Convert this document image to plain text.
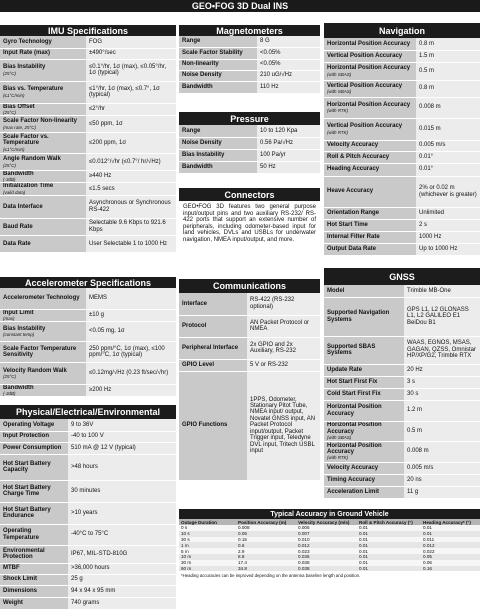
GEO•FOG 3D Dual INS
IMU Specifications
Gyro Technology	FOG
Input Rate (max)	±490°/sec
Bias Instability
(25°C)	≤0.1°/hr, 1σ (max), ≤0.05°/hr, 1σ (typical)
Bias vs. Temperature
(≤1°C/min)	≤1°/hr, 1σ (max), ≤0.7°, 1σ (typical)
Bias Offset
(25°C)	≤2°/hr
Scale Factor Non-linearity
(max rate, 25°C)	≤50 ppm, 1σ
Scale Factor vs. Temperature
(≤1°C/min)	≤200 ppm, 1σ
Angle Random Walk
(25°C)	≤0.012°/√hr (≤0.7°/ hr/√Hz)
Bandwidth
(-3dB)	≥440 Hz
Initialization Time
(valid data)	≤1.5 secs
Data Interface	Asynchronous or Synchronous RS-422
Baud Rate	Selectable 9.6 Kbps to 921.6 Kbps
Data Rate	User Selectable 1 to 1000 Hz
Accelerometer Specifications
Accelerometer Technology	MEMS
Input Limit
(max)	±10 g
Bias Instability
(constant temp)	<0.05 mg, 1σ
Scale Factor Temperature Sensitivity	250 ppm/°C, 1σ (max), ≤100 ppm/°C, 1σ (typical)
Velocity Random Walk
(25°C)	≤0.12mg/√Hz (0.23 ft/sec/√hr)
Bandwidth
(-3dB)	≥200 Hz
Physical/Electrical/Environmental
Operating Voltage	9 to 36V
Input Protection	-40 to 100 V
Power Consumption	510 mA @ 12 V (typical)
Hot Start Battery Capacity	>48 hours
Hot Start Battery Charge Time	30 minutes
Hot Start Battery Endurance	>10 years
Operating Temperature	-40°C to 75°C
Environmental Protection	IP67, MIL-STD-810G
MTBF	>36,000 hours
Shock Limit	25 g
Dimensions	94 x 94 x 95 mm
Weight	740 grams
Magnetometers
Range	8 G
Scale Factor Stability	<0.05%
Non-linearity	<0.05%
Noise Density	210 uG/√Hz
Bandwidth	110 Hz
Pressure
Range	10 to 120 Kpa
Noise Density	0.56 Pa/√Hz
Bias Instability	100 Pa/yr
Bandwidth	50 Hz
Connectors
GEO•FOG 3D features two general purpose input/output pins and two auxiliary RS-232/ RS-422 ports that support an extensive number of peripherals, including odometer-based input for land vehicles, DVLs and USBLs for underwater navigation, NMEA input/output, and more.
Communications
Interface	RS-422 (RS-232 optional)
Protocol	AN Packet Protocol or NMEA
Peripheral Interface	2x GPIO and 2x Auxiliary, RS-232
GPIO Level	5 V or RS-232
GPIO Functions	1PPS, Odometer, Stationary Pitot Tube, NMEA input/ output, Novatel GNSS input, AN Packet Protocol input/output, Packet Trigger input, Teledyne DVL input, Tritech USBL input
Navigation
Horizontal Position Accuracy	0.8 m
Vertical Position Accuracy	1.5 m
Horizontal Position Accuracy
(with SBAS)	0.5 m
Vertical Position Accuracy
(with SBAS)	0.8 m
Horizontal Position Accuracy
(with RTK)	0.008 m
Vertical Position Accuracy
(with RTK)	0.015 m
Velocity Accuracy	0.005 m/s
Roll & Pitch Accuracy	0.01°
Heading Accuracy	0.01°
Heave Accuracy	2% or 0.02 m (whichever is greater)
Orientation Range	Unlimited
Hot Start Time	2 s
Internal Filter Rate	1000 Hz
Output Data Rate	Up to 1000 Hz
GNSS
Model	Trimble MB-One
Supported Navigation Systems	GPS L1, L2 GLONASS L1, L2 GALILEO E1 BeiDou B1
Supported SBAS Systems	WAAS, EGNOS, MSAS, GAGAN, QZSS, Omnistar HP/XP/G2, Trimble RTX
Update Rate	20 Hz
Hot Start First Fix	3 s
Cold Start First Fix	30 s
Horizontal Position Accuracy	1.2 m
Horizontal Position Accuracy
(with SBAS)	0.5 m
Horizontal Position Accuracy
(with RTK)	0.008 m
Velocity Accuracy	0.005 m/s
Timing Accuracy	20 ns
Acceleration Limit	11 g
Typical Accuracy in Ground Vehicle
Outage Duration	Position Accuracy (m)	Velocity Accuracy (m/s)	Roll & Pitch Accuracy (°)	Heading Accuracy* (°)
0 s	0.008	0.005	0.01	0.01
10 s	0.05	0.007	0.01	0.01
30 s	0.15	0.010	0.01	0.011
1 m	0.6	0.012	0.01	0.012
5 m	2.9	0.023	0.01	0.022
10 m	8.8	0.036	0.01	0.05
30 m	17.4	0.038	0.01	0.06
60 m	34.8	0.038	0.01	0.16
*Heading accuracies can be improved depending on the antenna baseline length and position.
